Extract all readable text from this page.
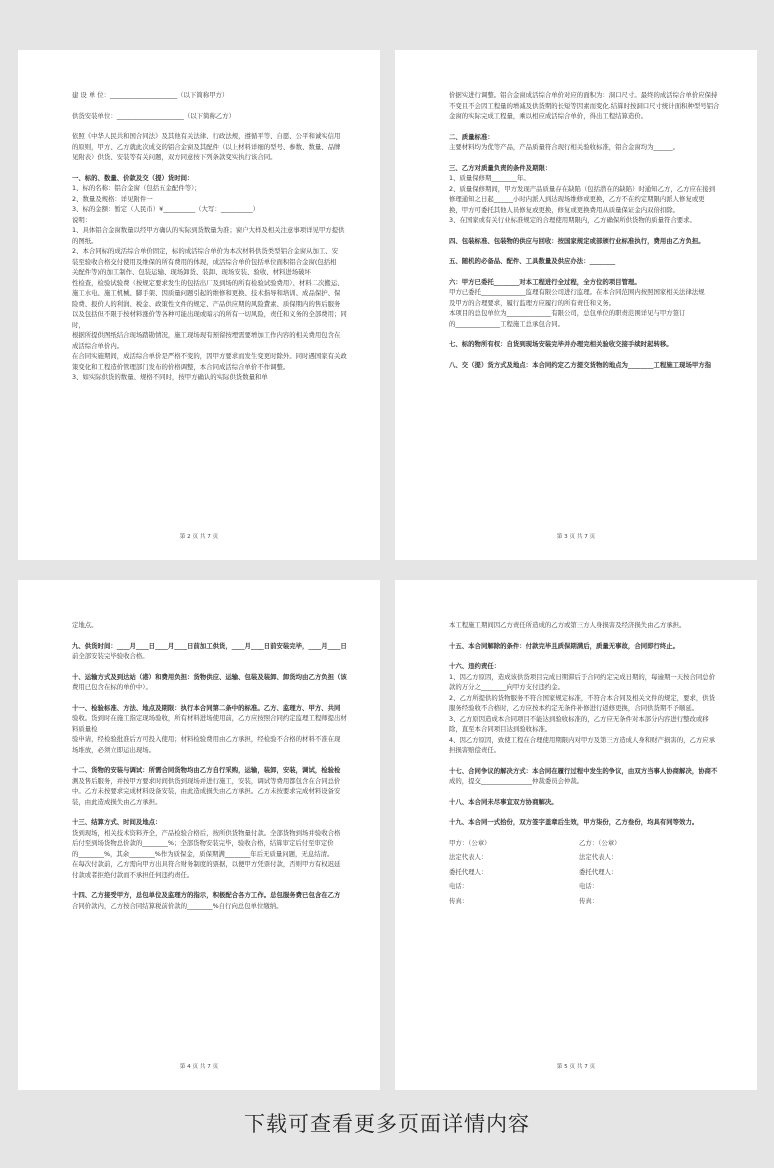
建 设 单 位：_____________________（以下简称甲方）

供货安装单位：_____________________（以下简称乙方）

依照《中华人民共和国合同法》及其他有关法律、行政法规，遵循平等、自愿、公平和诚实信用

的原则，甲方、乙方就此次成交的铝合金窗及其配件（以上材料详细的型号、参数、数量、品牌

见附表）供货、安装等有关问题，双方同意按下列条款变实执行该合同。

一、标的、数量、价款及交（提）货时间：

1、标的名称：铝合金窗（包括五金配件等）；

2、数量及规格：详见附件一

3、标的金额：暂定（人民币）¥__________（大写：__________）

说明：

1、具体铝合金窗数量以经甲方确认的实际到货数量为准；窗户大样及相关注意事项详见甲方提供

的图纸。

2、本合同标的成活综合单价固定，标的成活综合单价为本次材料供货类型铝合金窗从加工、安

装至验收合格交付使用及维保的所有费用的体现，成活综合单价包括单位面积铝合金窗(包括相

关配件等)的加工制作、包装运输、现场卸货、装卸、现场安装、验收、材料进场破坏

性检查，检验试验费（按规定要求发生的包括出厂及到场的所有检验试验费用）、材料二次搬运、

施工水电、施工机械、脚手架、因质量问题引起的维修和更换、技术指导和培训、成品保护、保

险费、报价人的利润、税金、政策性文件的规定、产品供应期的风险費素、质保期内的售后服务

以及包括但不限于按材料涨价等各种可能出现或暗示的所有一切风险，责任和义务的全部费用；同时，

根据所提供图纸结合现场踏勘情况，施工现场现有预留按埋需要增加工作内容的相关费用包含在

成活综合单价内。

在合同实施期间，成活综合单价是严格不变的，因甲方要求而发生变更时除外。同时遇国家有关政

策变化和工程造价管理部门发布的价格调整，本合同成活综合单价不作调整。

3、如实际供货的数量、规格不同时，按甲方确认的实际供货数量和单

第 2 页 共 7 页

价据实进行调整。铝合金窗成活综合单价对应的面积为：洞口尺寸。最终的成活综合单价应保持

不变且不会因工程量的增减及供货期的长短等因素而变化.结算时按洞口尺寸统计面积种型号铝合

金窗的实际完成工程量，乘以相应成活综合单价，得出工程结算造价。

二、质量标准：

主要材料均为优等产品，产品质量符合现行相关验收标准，铝合金窗均为______。

三、乙方对质量负责的条件及期限：

1、质量保修期________年。

2、质量保修期间，甲方发现产品质量存在缺陷（包括潜在的缺陷）时通知乙方，乙方应在接到

修理通知之日起______小时内派人到达现场维修或更换，乙方不在约定期限内派人修复或更

换，甲方可委托其他人员修复或更换，修复或更换费用从质量保证金内双倍扣除。

3、在国家或有关行业标准规定的合理使用期限内，乙方确保所供货物的质量符合要求。

四、包装标准、包装物的供应与回收：按国家规定或部颁行业标准执行，费用由乙方负担。

五、随机的必备品、配件、工具数量及供应办法：________

六：甲方已委托________对本工程进行全过程，全方位的项目管理。

甲方已委托______________监理有限公司进行监理。在本合同范围内按照国家相关法律法规

及甲方的合理要求，履行监理方应履行的所有责任和义务。

本项目的总包单位为______________有限公司，总包单位的职责范围详见与甲方签订

的______________工程施工总承包合同。

七、标的物所有权：自货到现场安装完毕并办理完相关验收交接手续时起转移。

八、交（提）货方式及地点：本合同约定乙方提交货物的地点为________工程施工现场甲方指

第 3 页 共 7 页

定地点。

九、供货时间：____月____日____月____日前加工供货，____月____日前安装完毕，____月____日

前全部安装完毕验收合格。

十、运输方式及到达站（港）和费用负担：货物供应、运输、包装及装卸、卸货均由乙方负担（该

费用已包含在标的单价中）。

十一、检验标准、方法、地点及期限：执行本合同第二条中的标准。乙方、监理方、甲方、共同

验收。货到时在施工指定现场验收，所有材料进场使用前，乙方应按照合同约定监理工程师提出材料质量检

验申请，经检验批准后方可投入使用；材料检验费用由乙方承担，经检验不合格的材料不准在现

场堆放，必须立即运出现场。

十二、货物的安装与调试：所需合同货物均由乙方自行采购，运输，装卸，安装，调试，检验检

测及售后服务，并按甲方要求时间供货到现场并进行施工，安装，调试等费用都包含在合同总价

中。乙方未按要求完成材料设备安装，由此造成损失由乙方承担。乙方未按要求完成材料设备安

装，由此造成损失由乙方承担。

十三、结算方式、时间及地点：

货到现场，相关技术资料齐全，产品检验合格后，按所供货物量付款。全部货物到场并验收合格

后付至到场货物总价款的________%；全部货物安装完毕，验收合格，结算审定后付至审定价

的________%，其余________%作为质保金，质保期满________年后无质量问题，无息结清。

在每次付款前，乙方需向甲方出具符合财务制度的票据，以便甲方凭票付款，否则甲方有权迟延

付款或者拒绝付款而不承担任何违约责任。

十四、乙方接受甲方，总包单位及监理方的指示，积极配合各方工作。总包服务费已包含在乙方

合同价款内，乙方按合同结算税前价款的________%自行向总包单位缴纳。

第 4 页 共 7 页

本工程施工期间因乙方责任所造成的乙方或第三方人身损害及经济损失由乙方承担。

十五、本合同解除的条件：付款完毕且质保期满后，质量无事故，合同即行终止。

十六、违约责任：

1、因乙方原因，造成该供货项目完成日期滞后于合同约定完成日期的，每逾期一天按合同总价

款的万分之________向甲方支付违约金。

2、乙方所提供的货物服务不符合国家规定标准，不符合本合同及相关文件的规定，要求，供货

服务经验收不合格时，乙方应按本约定无条件补修进行返修更换，合同供货期不予顺延。

3、乙方原因造成本合同项目不能达到验收标准的，乙方应无条件对本部分内容进行整改或移

除，直至本合同项目达到验收标准。

4、因乙方原因，致使工程在合理使用期限内对甲方及第三方造成人身和财产损害的，乙方应承

担损害赔偿责任。

十七、合同争议的解决方式：本合同在履行过程中发生的争议，由双方当事人协商解决，协商不

成的，提交________________仲裁委员会仲裁。

十八、本合同未尽事宜双方协商解决。

十九、本合同一式拾份，双方签字盖章后生效，甲方柒份，乙方叁份，均具有同等效力。

甲方：（公章）	乙方：（公章）
法定代表人：	法定代表人：
委托代理人：	委托代理人：
电话：	电话：
传真：	传真：
第 5 页 共 7 页
下载可查看更多页面详情内容
